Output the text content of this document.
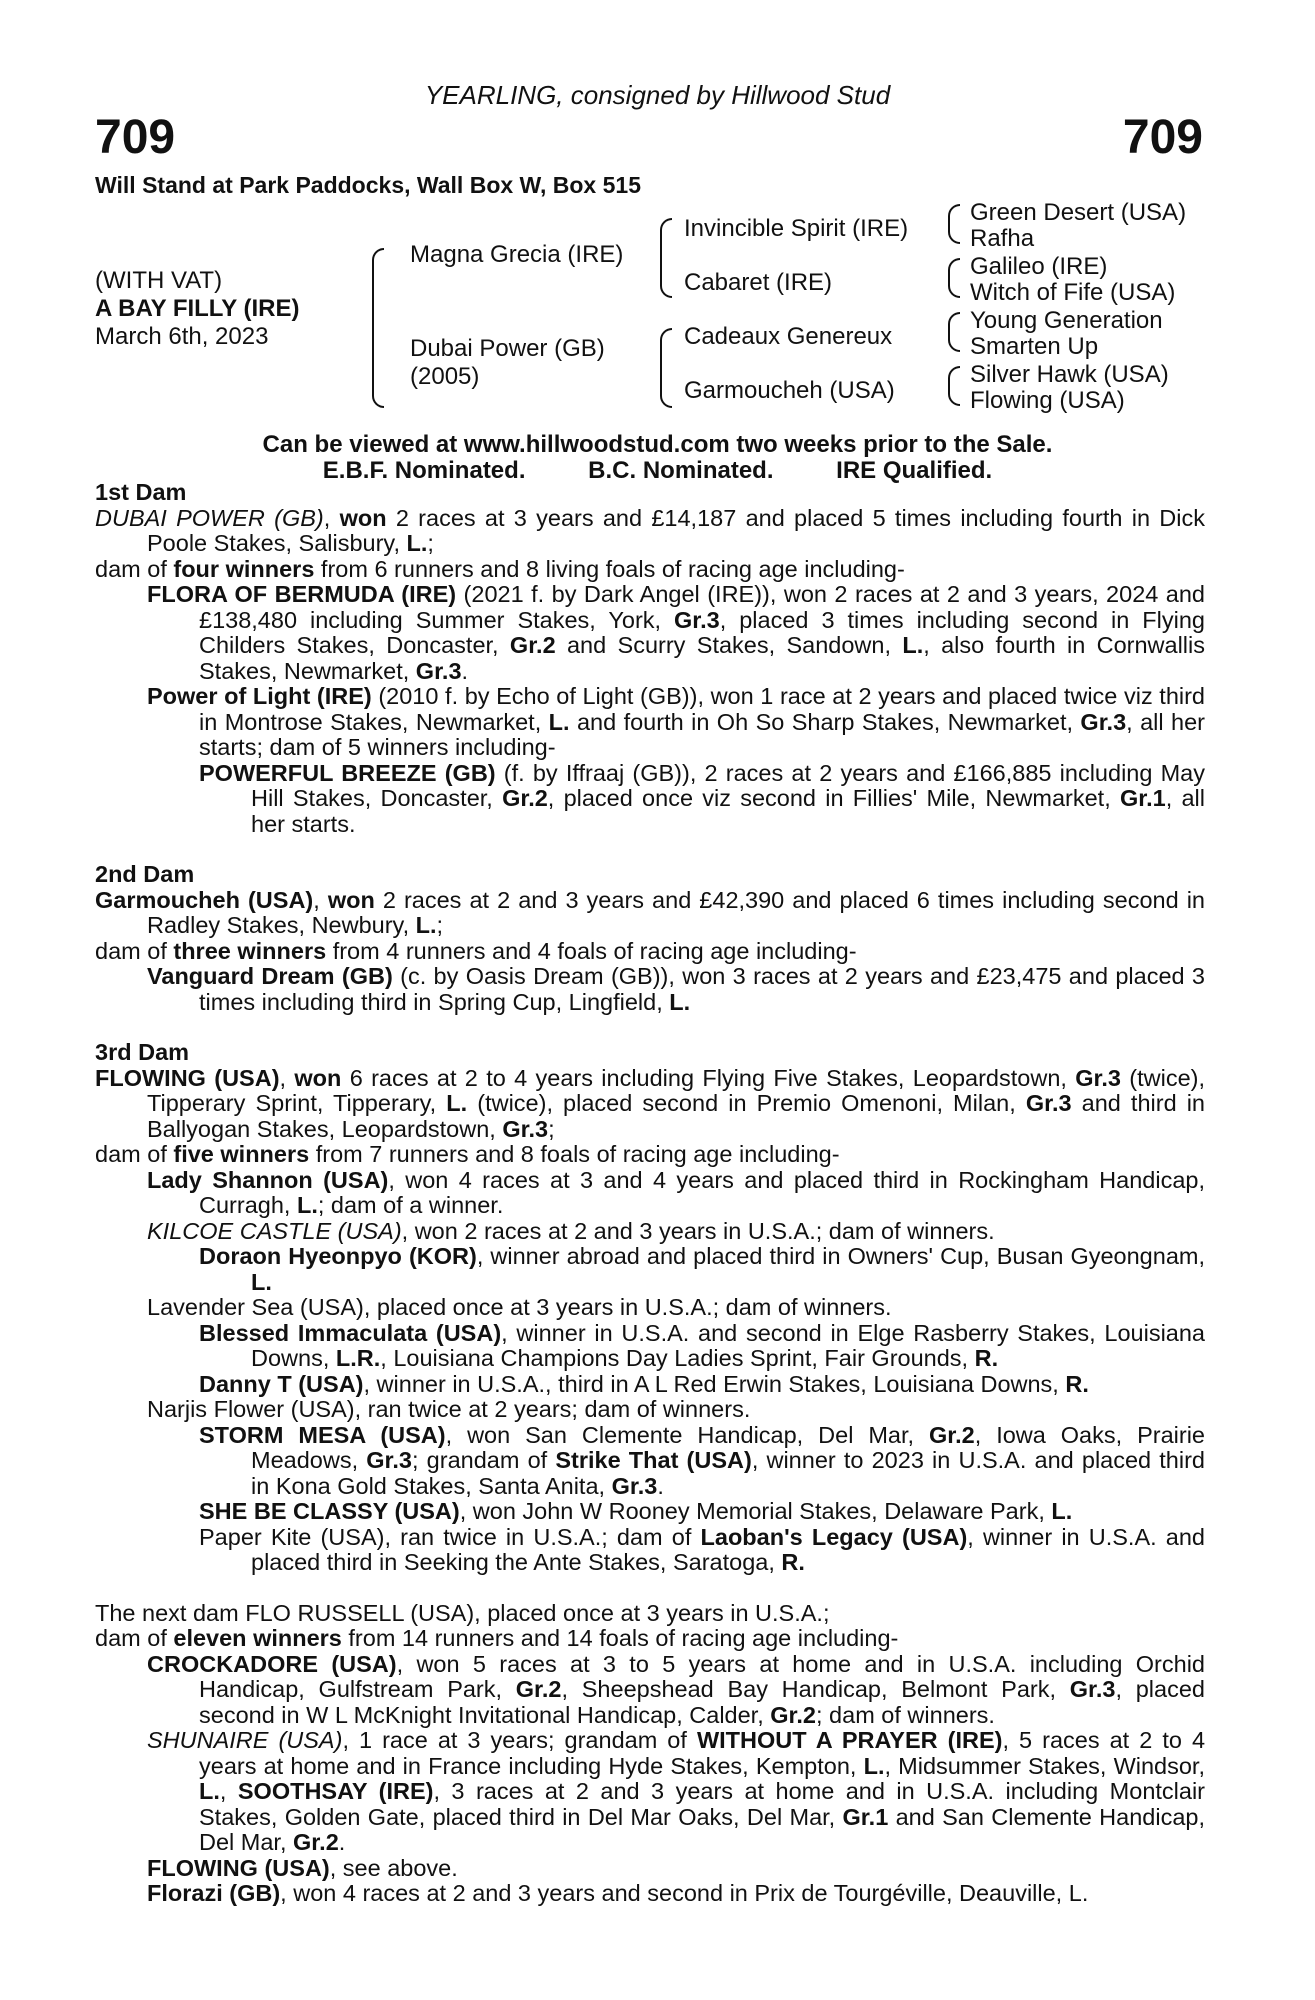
YEARLING, consigned by Hillwood Stud
709	709
Will Stand at Park Paddocks, Wall Box W, Box 515
(WITH VAT)
A BAY FILLY (IRE)
March 6th, 2023
Magna Grecia (IRE)
Dubai Power (GB)
(2005)
Invincible Spirit (IRE)
Cabaret (IRE)
Cadeaux Genereux
Garmoucheh (USA)
Green Desert (USA)
Rafha
Galileo (IRE)
Witch of Fife (USA)
Young Generation
Smarten Up
Silver Hawk (USA)
Flowing (USA)
Can be viewed at www.hillwoodstud.com two weeks prior to the Sale.
E.B.F. Nominated.	B.C. Nominated.	IRE Qualified.

1st Dam

DUBAI POWER (GB), won 2 races at 3 years and £14,187 and placed 5 times including fourth in Dick Poole Stakes, Salisbury, L.;

dam of four winners from 6 runners and 8 living foals of racing age including-

FLORA OF BERMUDA (IRE) (2021 f. by Dark Angel (IRE)), won 2 races at 2 and 3 years, 2024 and £138,480 including Summer Stakes, York, Gr.3, placed 3 times including second in Flying Childers Stakes, Doncaster, Gr.2 and Scurry Stakes, Sandown, L., also fourth in Cornwallis Stakes, Newmarket, Gr.3.

Power of Light (IRE) (2010 f. by Echo of Light (GB)), won 1 race at 2 years and placed twice viz third in Montrose Stakes, Newmarket, L. and fourth in Oh So Sharp Stakes, Newmarket, Gr.3, all her starts; dam of 5 winners including-

POWERFUL BREEZE (GB) (f. by Iffraaj (GB)), 2 races at 2 years and £166,885 including May Hill Stakes, Doncaster, Gr.2, placed once viz second in Fillies' Mile, Newmarket, Gr.1, all her starts.

2nd Dam

Garmoucheh (USA), won 2 races at 2 and 3 years and £42,390 and placed 6 times including second in Radley Stakes, Newbury, L.;

dam of three winners from 4 runners and 4 foals of racing age including-

Vanguard Dream (GB) (c. by Oasis Dream (GB)), won 3 races at 2 years and £23,475 and placed 3 times including third in Spring Cup, Lingfield, L.

3rd Dam

FLOWING (USA), won 6 races at 2 to 4 years including Flying Five Stakes, Leopardstown, Gr.3 (twice), Tipperary Sprint, Tipperary, L. (twice), placed second in Premio Omenoni, Milan, Gr.3 and third in Ballyogan Stakes, Leopardstown, Gr.3;

dam of five winners from 7 runners and 8 foals of racing age including-

Lady Shannon (USA), won 4 races at 3 and 4 years and placed third in Rockingham Handicap, Curragh, L.; dam of a winner.

KILCOE CASTLE (USA), won 2 races at 2 and 3 years in U.S.A.; dam of winners.

Doraon Hyeonpyo (KOR), winner abroad and placed third in Owners' Cup, Busan Gyeongnam, L.

Lavender Sea (USA), placed once at 3 years in U.S.A.; dam of winners.

Blessed Immaculata (USA), winner in U.S.A. and second in Elge Rasberry Stakes, Louisiana Downs, L.R., Louisiana Champions Day Ladies Sprint, Fair Grounds, R.

Danny T (USA), winner in U.S.A., third in A L Red Erwin Stakes, Louisiana Downs, R.

Narjis Flower (USA), ran twice at 2 years; dam of winners.

STORM MESA (USA), won San Clemente Handicap, Del Mar, Gr.2, Iowa Oaks, Prairie Meadows, Gr.3; grandam of Strike That (USA), winner to 2023 in U.S.A. and placed third in Kona Gold Stakes, Santa Anita, Gr.3.

SHE BE CLASSY (USA), won John W Rooney Memorial Stakes, Delaware Park, L.

Paper Kite (USA), ran twice in U.S.A.; dam of Laoban's Legacy (USA), winner in U.S.A. and placed third in Seeking the Ante Stakes, Saratoga, R.

The next dam FLO RUSSELL (USA), placed once at 3 years in U.S.A.;

dam of eleven winners from 14 runners and 14 foals of racing age including-

CROCKADORE (USA), won 5 races at 3 to 5 years at home and in U.S.A. including Orchid Handicap, Gulfstream Park, Gr.2, Sheepshead Bay Handicap, Belmont Park, Gr.3, placed second in W L McKnight Invitational Handicap, Calder, Gr.2; dam of winners.

SHUNAIRE (USA), 1 race at 3 years; grandam of WITHOUT A PRAYER (IRE), 5 races at 2 to 4 years at home and in France including Hyde Stakes, Kempton, L., Midsummer Stakes, Windsor, L., SOOTHSAY (IRE), 3 races at 2 and 3 years at home and in U.S.A. including Montclair Stakes, Golden Gate, placed third in Del Mar Oaks, Del Mar, Gr.1 and San Clemente Handicap, Del Mar, Gr.2.

FLOWING (USA), see above.

Florazi (GB), won 4 races at 2 and 3 years and second in Prix de Tourgéville, Deauville, L.
